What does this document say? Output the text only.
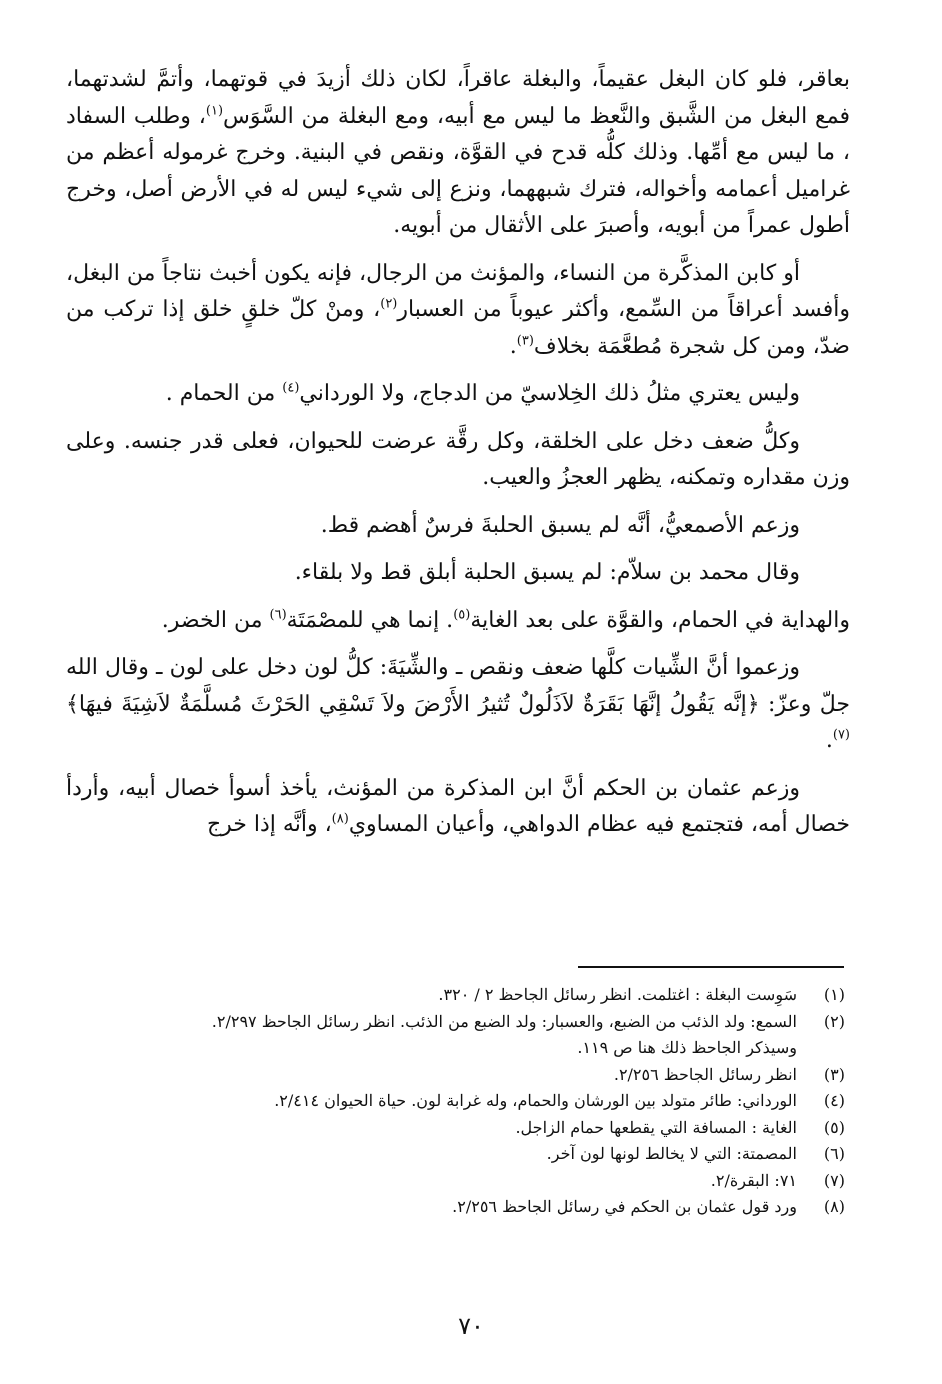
بعاقر، فلو كان البغل عقيماً، والبغلة عاقراً، لكان ذلك أزيدَ في قوتهما، وأتمَّ لشدتهما، فمع البغل من الشَّبق والنَّعظ ما ليس مع أبيه، ومع البغلة من السَّوَس$^{(١)}$، وطلب السفاد ، ما ليس مع أمِّها. وذلك كلُّه قدح في القوَّة، ونقص في البنية. وخرج غرموله أعظم من غراميل أعمامه وأخواله، فترك شبههما، ونزع إلى شيء ليس له في الأرض أصل، وخرج أطول عمراً من أبويه، وأصبرَ على الأثقال من أبويه.

أو كابن المذكَّرة من النساء، والمؤنث من الرجال، فإنه يكون أخبث نتاجاً من البغل، وأفسد أعراقاً من السِّمع، وأكثر عيوباً من العسبار$^{(٢)}$، ومنْ كلّ خلقٍ خلق إذا تركب من ضدّ، ومن كل شجرة مُطعَّمَة بخلاف$^{(٣)}$.

وليس يعتري مثلُ ذلك الخِلاسيّ من الدجاج، ولا الورداني$^{(٤)}$ من الحمام .

وكلُّ ضعف دخل على الخلقة، وكل رقَّة عرضت للحيوان، فعلى قدر جنسه. وعلى وزن مقداره وتمكنه، يظهر العجزُ والعيب.

وزعم الأصمعيُّ، أنَّه لم يسبق الحلبةَ فرسٌ أهضم قط.

وقال محمد بن سلاّم: لم يسبق الحلبة أبلق قط ولا بلقاء.

والهداية في الحمام، والقوَّة على بعد الغاية$^{(٥)}$. إنما هي للمصْمَتَة$^{(٦)}$ من الخضر.

وزعموا أنَّ الشِّيات كلَّها ضعف ونقص ـ والشِّيَةَ: كلُّ لون دخل على لون ـ وقال الله جلّ وعزّ: ﴿إنَّه يَقُولُ إنَّهَا بَقَرَةٌ لاَذَلُولٌ تُثيرُ الأَرْضَ ولاَ تَسْقِي الحَرْثَ مُسلَّمَةٌ لاَشِيَةَ فيهَا﴾$^{(٧)}$.

وزعم عثمان بن الحكم أنَّ ابن المذكرة من المؤنث، يأخذ أسوأ خصال أبيه، وأردأ خصال أمه، فتجتمع فيه عظام الدواهي، وأعيان المساوي$^{(٨)}$، وأنَّه إذا خرج

(١)
سَوِست البغلة : اغتلمت. انظر رسائل الجاحظ ٢ / ٣٢٠.

(٢)
السمع: ولد الذئب من الضبع، والعسبار: ولد الضبع من الذئب. انظر رسائل الجاحظ ٢/٢٩٧.
وسيذكر الجاحظ ذلك هنا ص ١١٩.

(٣)
انظر رسائل الجاحظ ٢/٢٥٦.

(٤)
الورداني: طائر متولد بين الورشان والحمام، وله غرابة لون. حياة الحيوان ٢/٤١٤.

(٥)
الغاية : المسافة التي يقطعها حمام الزاجل.

(٦)
المصمتة: التي لا يخالط لونها لون آخر.

(٧)
٧١: البقرة/٢.

(٨)
ورد قول عثمان بن الحكم في رسائل الجاحظ ٢/٢٥٦.

٧٠
